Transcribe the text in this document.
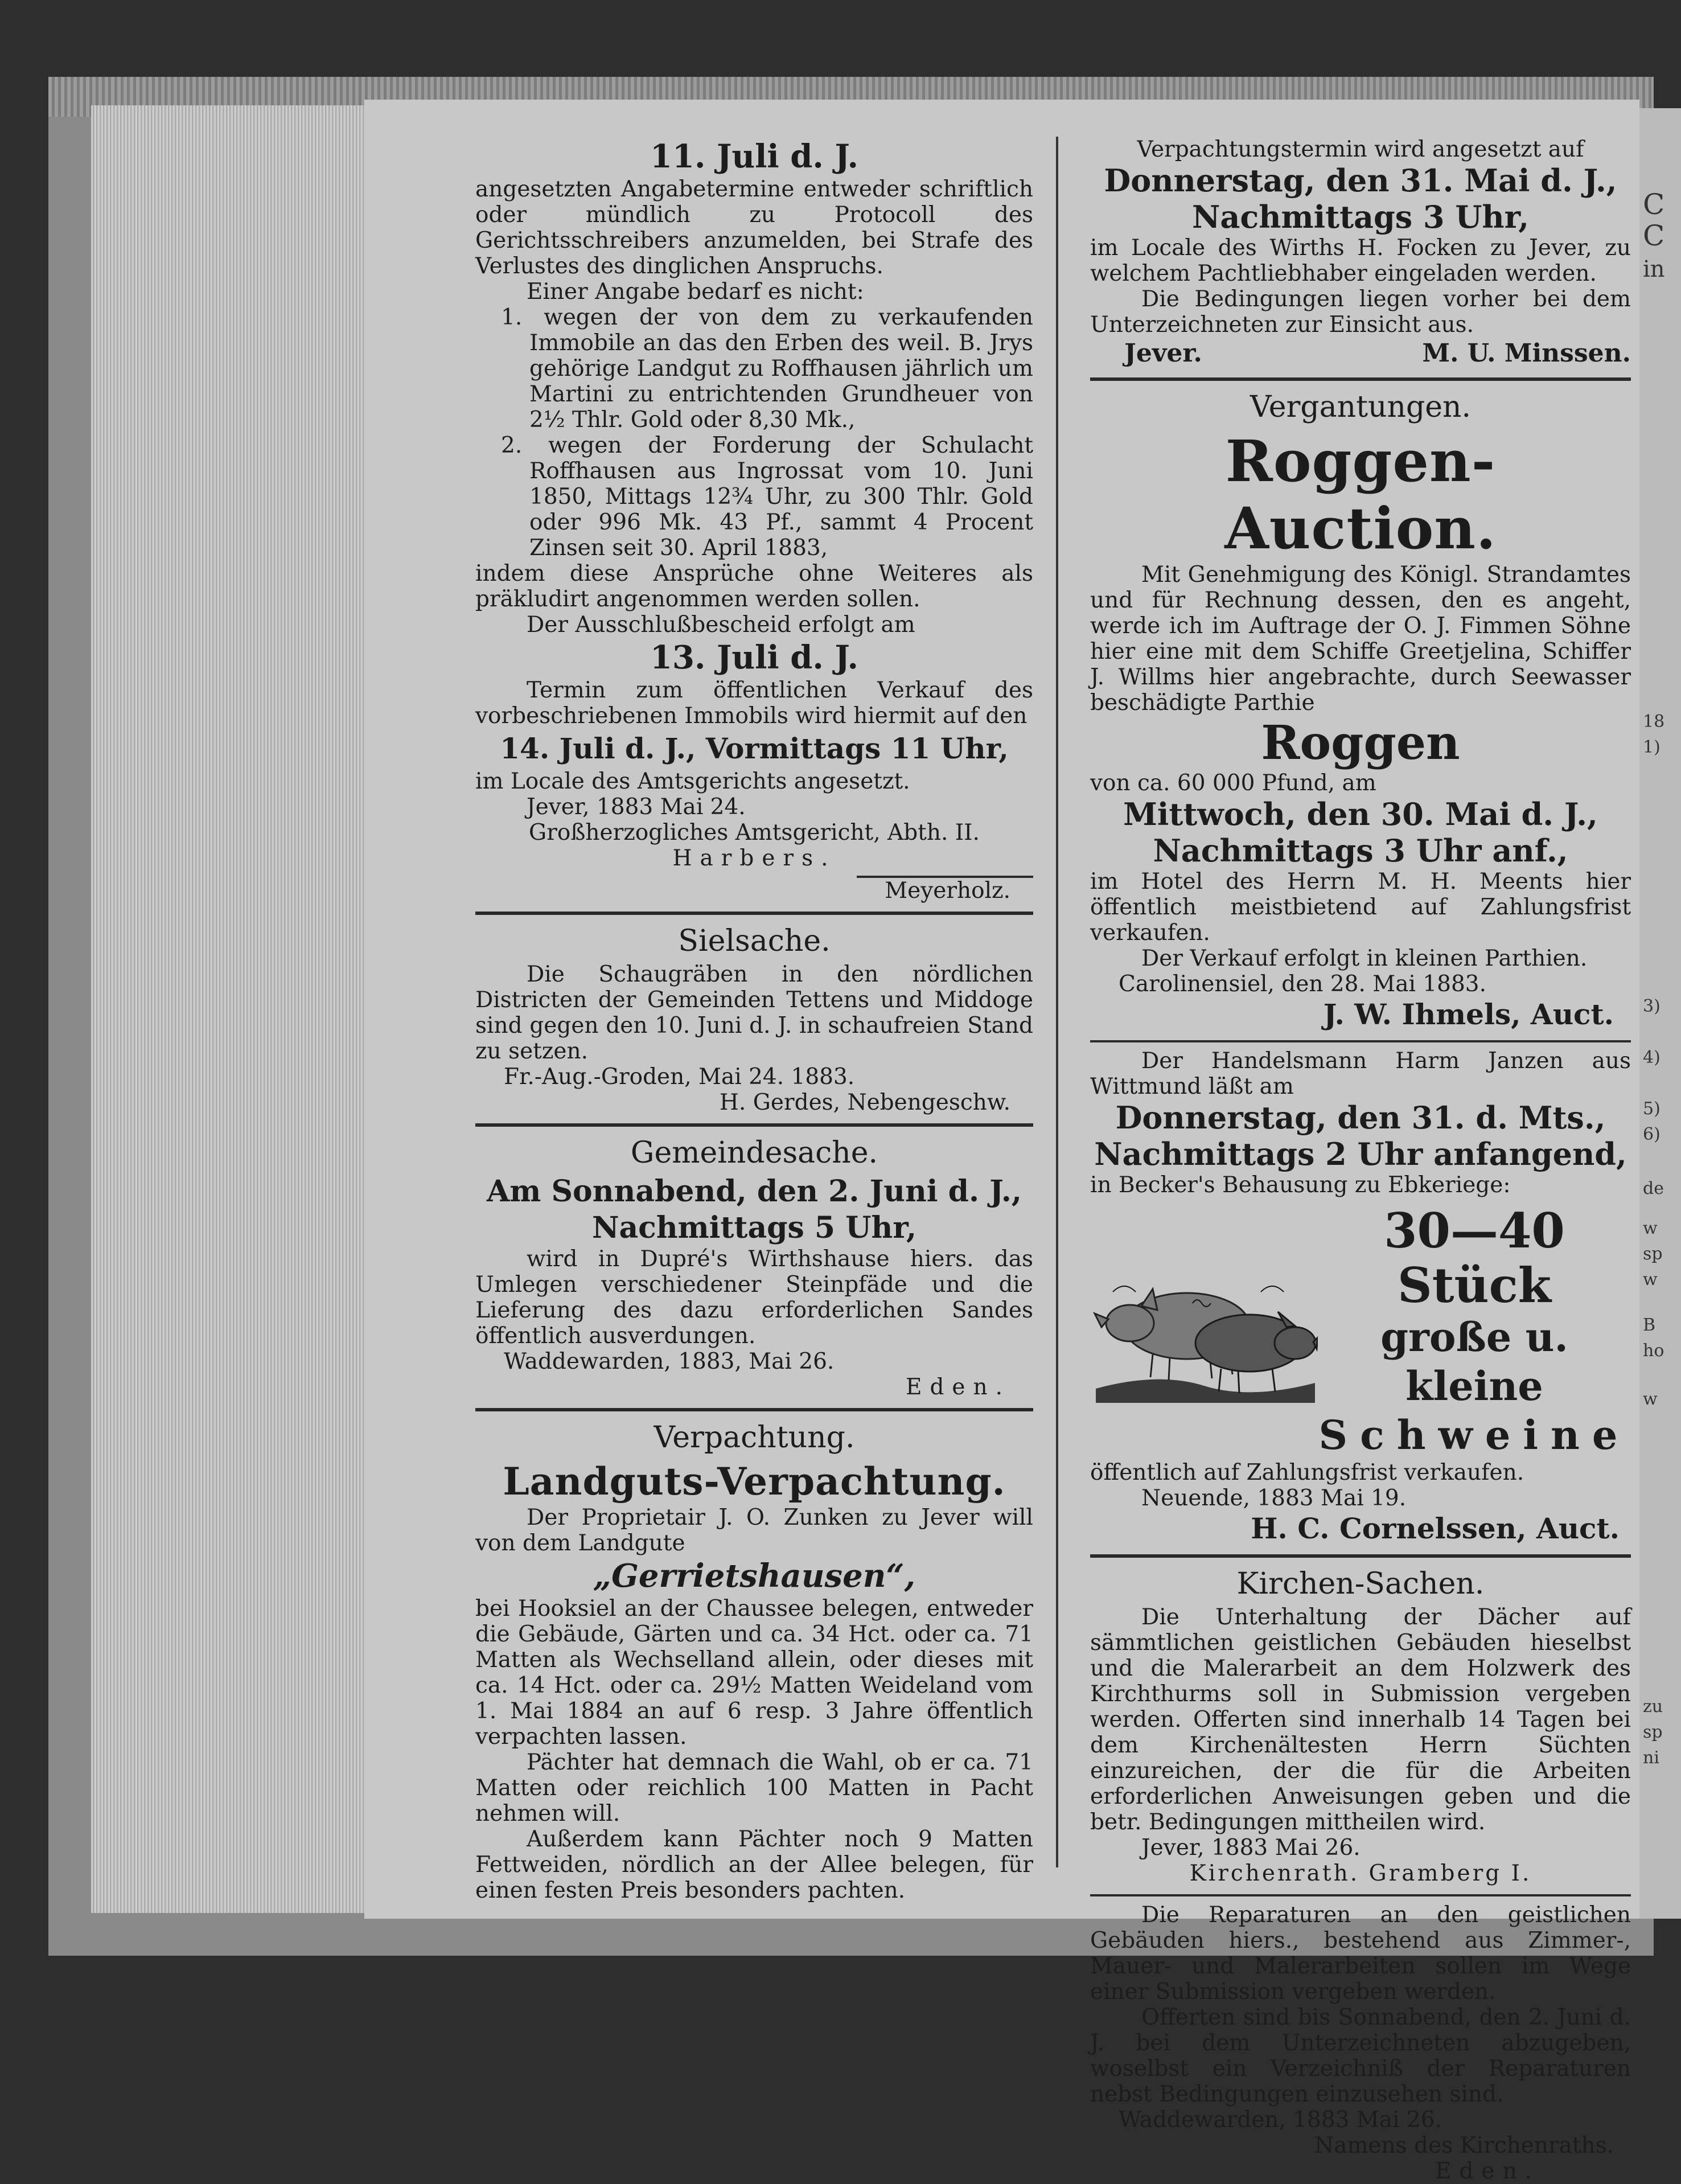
C
C
in
18
1)
3)
4)
5)
6)
de
w
sp
w
B
ho
w
zu
sp
ni

11. Juli d. J.

angesetzten Angabetermine entweder schriftlich oder mündlich zu Protocoll des Gerichtsschreibers anzumelden, bei Strafe des Verlustes des dinglichen Anspruchs.

Einer Angabe bedarf es nicht:

1. wegen der von dem zu verkaufenden Immobile an das den Erben des weil. B. Jrys gehörige Landgut zu Roffhausen jährlich um Martini zu entrichtenden Grundheuer von 2½ Thlr. Gold oder 8,30 Mk.,

2. wegen der Forderung der Schulacht Roffhausen aus Ingrossat vom 10. Juni 1850, Mittags 12¾ Uhr, zu 300 Thlr. Gold oder 996 Mk. 43 Pf., sammt 4 Procent Zinsen seit 30. April 1883,

indem diese Ansprüche ohne Weiteres als präkludirt angenommen werden sollen.

Der Ausschlußbescheid erfolgt am

13. Juli d. J.

Termin zum öffentlichen Verkauf des vorbeschriebenen Immobils wird hiermit auf den

14. Juli d. J., Vormittags 11 Uhr,

im Locale des Amtsgerichts angesetzt.

Jever, 1883 Mai 24.

Großherzogliches Amtsgericht, Abth. II.

Harbers.

Meyerholz.

Sielsache.

Die Schaugräben in den nördlichen Districten der Gemeinden Tettens und Middoge sind gegen den 10. Juni d. J. in schaufreien Stand zu setzen.

Fr.-Aug.-Groden, Mai 24. 1883.

H. Gerdes, Nebengeschw.

Gemeindesache.

Am Sonnabend, den 2. Juni d. J.,

Nachmittags 5 Uhr,

wird in Dupré's Wirthshause hiers. das Umlegen verschiedener Steinpfäde und die Lieferung des dazu erforderlichen Sandes öffentlich ausverdungen.

Waddewarden, 1883, Mai 26.

Eden.

Verpachtung.

Landguts-Verpachtung.

Der Proprietair J. O. Zunken zu Jever will von dem Landgute

„Gerrietshausen“,

bei Hooksiel an der Chaussee belegen, entweder die Gebäude, Gärten und ca. 34 Hct. oder ca. 71 Matten als Wechselland allein, oder dieses mit ca. 14 Hct. oder ca. 29½ Matten Weideland vom 1. Mai 1884 an auf 6 resp. 3 Jahre öffentlich verpachten lassen.

Pächter hat demnach die Wahl, ob er ca. 71 Matten oder reichlich 100 Matten in Pacht nehmen will.

Außerdem kann Pächter noch 9 Matten Fettweiden, nördlich an der Allee belegen, für einen festen Preis besonders pachten.

Verpachtungstermin wird angesetzt auf

Donnerstag, den 31. Mai d. J.,

Nachmittags 3 Uhr,

im Locale des Wirths H. Focken zu Jever, zu welchem Pachtliebhaber eingeladen werden.

Die Bedingungen liegen vorher bei dem Unterzeichneten zur Einsicht aus.

Jever.	M. U. Minssen.

Vergantungen.

Roggen-Auction.

Mit Genehmigung des Königl. Strandamtes und für Rechnung dessen, den es angeht, werde ich im Auftrage der O. J. Fimmen Söhne hier eine mit dem Schiffe Greetjelina, Schiffer J. Willms hier angebrachte, durch Seewasser beschädigte Parthie

Roggen

von ca. 60 000 Pfund, am

Mittwoch, den 30. Mai d. J.,

Nachmittags 3 Uhr anf.,

im Hotel des Herrn M. H. Meents hier öffentlich meistbietend auf Zahlungsfrist verkaufen.

Der Verkauf erfolgt in kleinen Parthien.

Carolinensiel, den 28. Mai 1883.

J. W. Ihmels, Auct.

Der Handelsmann Harm Janzen aus Wittmund läßt am

Donnerstag, den 31. d. Mts.,

Nachmittags 2 Uhr anfangend,

in Becker's Behausung zu Ebkeriege:

30—40 Stück
große u. kleine
Schweine

öffentlich auf Zahlungsfrist verkaufen.

Neuende, 1883 Mai 19.

H. C. Cornelssen, Auct.

Kirchen-Sachen.

Die Unterhaltung der Dächer auf sämmtlichen geistlichen Gebäuden hieselbst und die Malerarbeit an dem Holzwerk des Kirchthurms soll in Submission vergeben werden. Offerten sind innerhalb 14 Tagen bei dem Kirchenältesten Herrn Süchten einzureichen, der die für die Arbeiten erforderlichen Anweisungen geben und die betr. Bedingungen mittheilen wird.

Jever, 1883 Mai 26.

Kirchenrath. Gramberg I.

Die Reparaturen an den geistlichen Gebäuden hiers., bestehend aus Zimmer-, Mauer- und Malerarbeiten sollen im Wege einer Submission vergeben werden.

Offerten sind bis Sonnabend, den 2. Juni d. J. bei dem Unterzeichneten abzugeben, woselbst ein Verzeichniß der Reparaturen nebst Bedingungen einzusehen sind.

Waddewarden, 1883 Mai 26.

Namens des Kirchenraths.

Eden.
